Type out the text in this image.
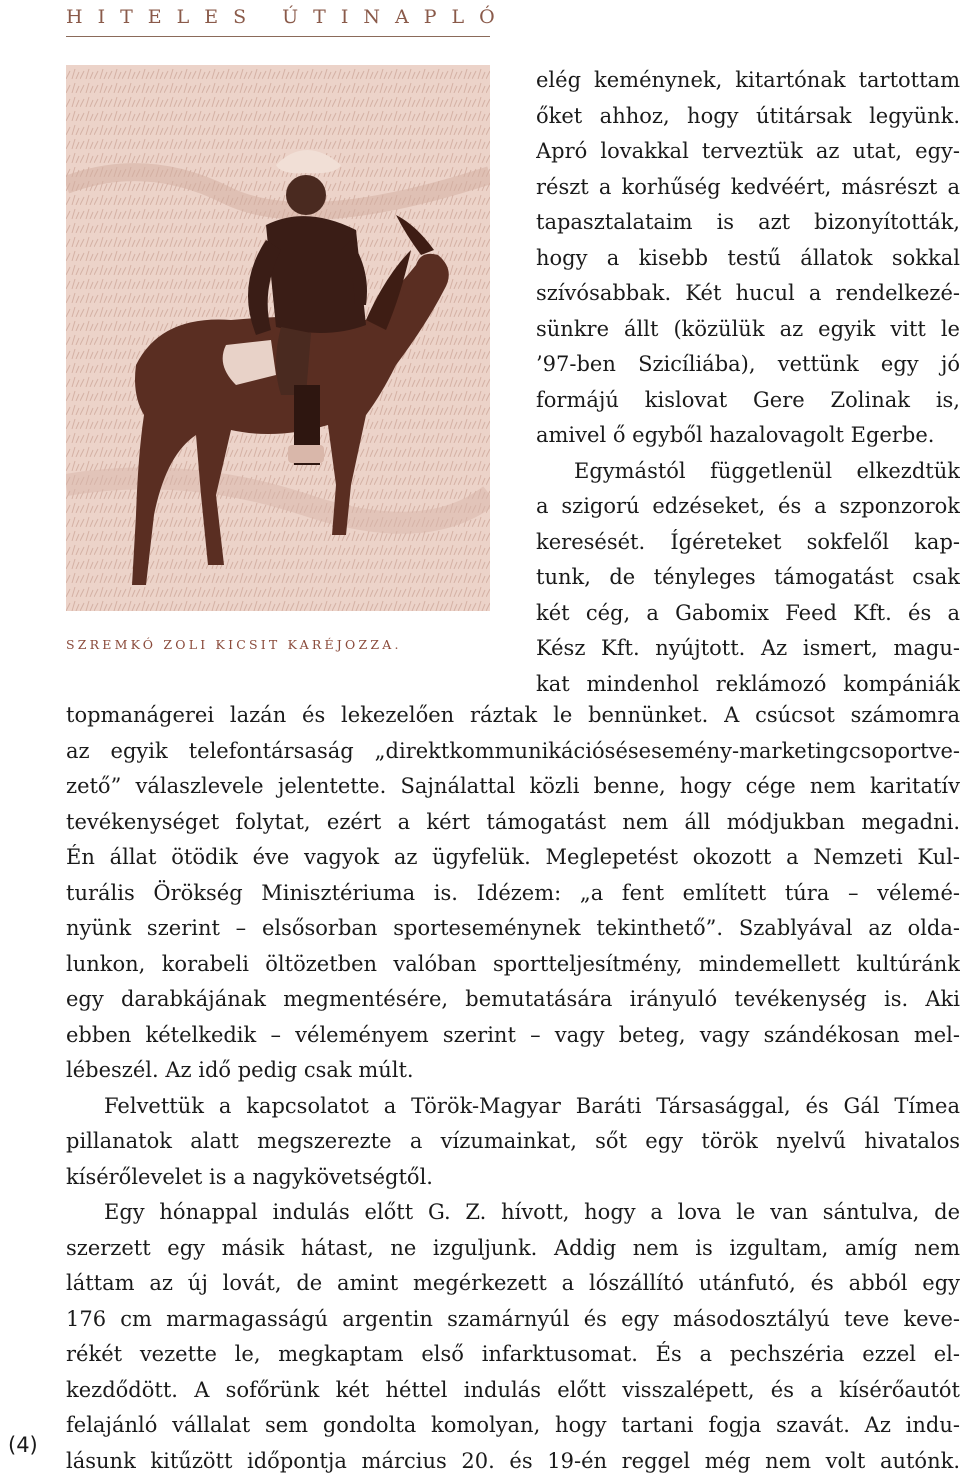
HITELES ÚTINAPLÓ
SZREMKÓ ZOLI KICSIT KARÉJOZZA.
elég keménynek, kitartónak tartottam
őket ahhoz, hogy útitársak legyünk.
Apró lovakkal terveztük az utat, egy-
részt a korhűség kedvéért, másrészt a
tapasztalataim is azt bizonyították,
hogy a kisebb testű állatok sokkal
szívósabbak. Két hucul a rendelkezé-
sünkre állt (közülük az egyik vitt le
’97-ben Szicíliába), vettünk egy jó
formájú kislovat Gere Zolinak is,
amivel ő egyből hazalovagolt Egerbe.
Egymástól függetlenül elkezdtük
a szigorú edzéseket, és a szponzorok
keresését. Ígéreteket sokfelől kap-
tunk, de tényleges támogatást csak
két cég, a Gabomix Feed Kft. és a
Kész Kft. nyújtott. Az ismert, magu-
kat mindenhol reklámozó kompániák
topmanágerei lazán és lekezelően ráztak le bennünket. A csúcsot számomra
az egyik telefontársaság „direktkommunikációsésesemény-marketingcsoportve-
zető” válaszlevele jelentette. Sajnálattal közli benne, hogy cége nem karitatív
tevékenységet folytat, ezért a kért támogatást nem áll módjukban megadni.
Én állat ötödik éve vagyok az ügyfelük. Meglepetést okozott a Nemzeti Kul-
turális Örökség Minisztériuma is. Idézem: „a fent említett túra – vélemé-
nyünk szerint – elsősorban sporteseménynek tekinthető”. Szablyával az olda-
lunkon, korabeli öltözetben valóban sportteljesítmény, mindemellett kultúránk
egy darabkájának megmentésére, bemutatására irányuló tevékenység is. Aki
ebben kételkedik – véleményem szerint – vagy beteg, vagy szándékosan mel-
lébeszél. Az idő pedig csak múlt.
Felvettük a kapcsolatot a Török-Magyar Baráti Társasággal, és Gál Tímea
pillanatok alatt megszerezte a vízumainkat, sőt egy török nyelvű hivatalos
kísérőlevelet is a nagykövetségtől.
Egy hónappal indulás előtt G. Z. hívott, hogy a lova le van sántulva, de
szerzett egy másik hátast, ne izguljunk. Addig nem is izgultam, amíg nem
láttam az új lovát, de amint megérkezett a lószállító utánfutó, és abból egy
176 cm marmagasságú argentin szamárnyúl és egy másodosztályú teve keve-
rékét vezette le, megkaptam első infarktusomat. És a pechszéria ezzel el-
kezdődött. A sofőrünk két héttel indulás előtt visszalépett, és a kísérőautót
felajánló vállalat sem gondolta komolyan, hogy tartani fogja szavát. Az indu-
lásunk kitűzött időpontja március 20. és 19-én reggel még nem volt autónk.
(4)
